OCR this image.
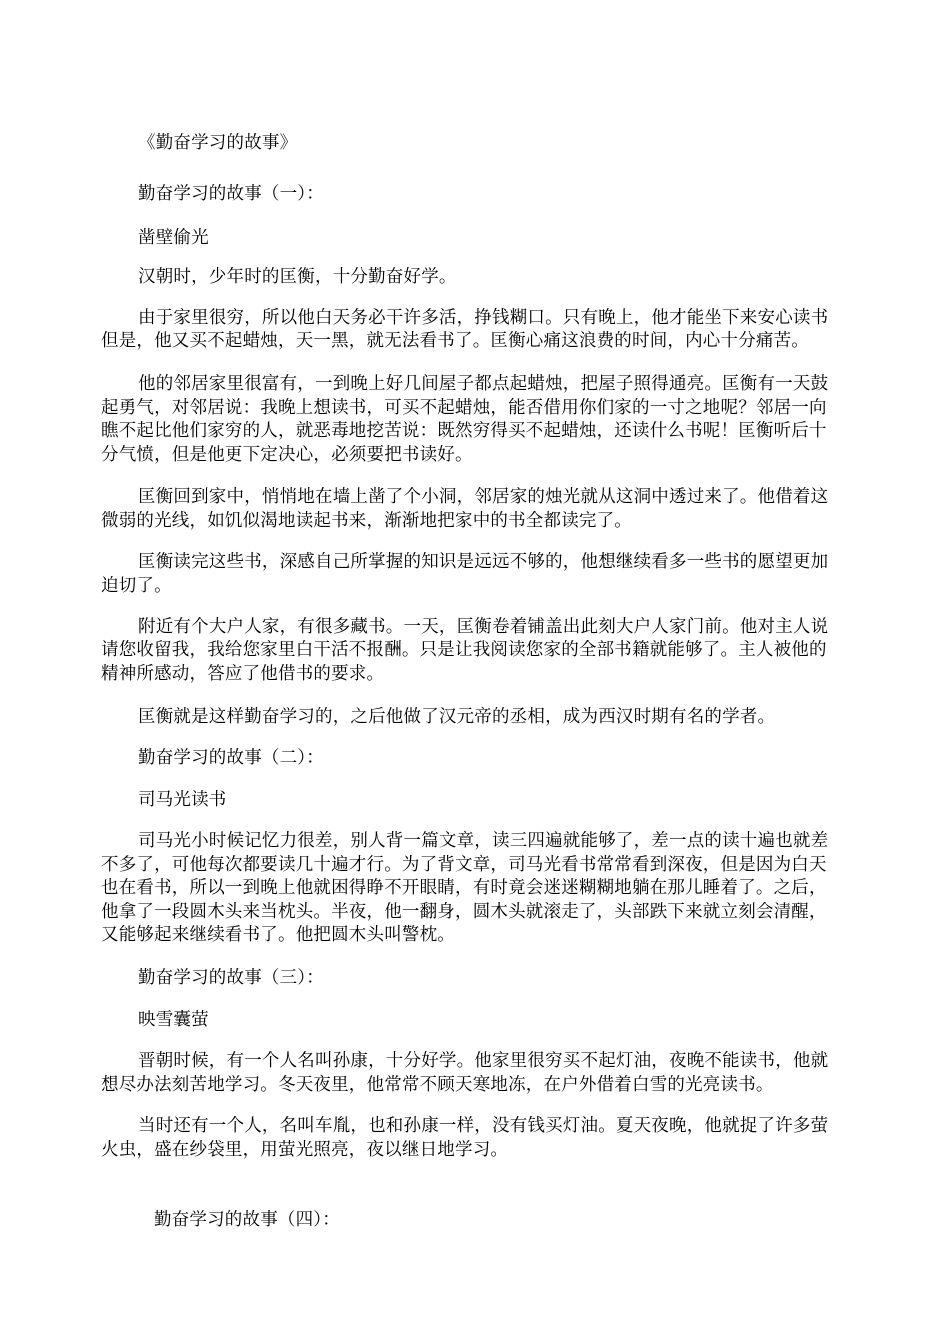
《勤奋学习的故事》
勤奋学习的故事（一）：
凿壁偷光
汉朝时，少年时的匡衡，十分勤奋好学。
由于家里很穷，所以他白天务必干许多活，挣钱糊口。只有晚上，他才能坐下来安心读书
但是，他又买不起蜡烛，天一黑，就无法看书了。匡衡心痛这浪费的时间，内心十分痛苦。
他的邻居家里很富有，一到晚上好几间屋子都点起蜡烛，把屋子照得通亮。匡衡有一天鼓
起勇气，对邻居说：我晚上想读书，可买不起蜡烛，能否借用你们家的一寸之地呢？邻居一向
瞧不起比他们家穷的人，就恶毒地挖苦说：既然穷得买不起蜡烛，还读什么书呢！匡衡听后十
分气愤，但是他更下定决心，必须要把书读好。
匡衡回到家中，悄悄地在墙上凿了个小洞，邻居家的烛光就从这洞中透过来了。他借着这
微弱的光线，如饥似渴地读起书来，渐渐地把家中的书全都读完了。
匡衡读完这些书，深感自己所掌握的知识是远远不够的，他想继续看多一些书的愿望更加
迫切了。
附近有个大户人家，有很多藏书。一天，匡衡卷着铺盖出此刻大户人家门前。他对主人说
请您收留我，我给您家里白干活不报酬。只是让我阅读您家的全部书籍就能够了。主人被他的
精神所感动，答应了他借书的要求。
匡衡就是这样勤奋学习的，之后他做了汉元帝的丞相，成为西汉时期有名的学者。
勤奋学习的故事（二）：
司马光读书
司马光小时候记忆力很差，别人背一篇文章，读三四遍就能够了，差一点的读十遍也就差
不多了，可他每次都要读几十遍才行。为了背文章，司马光看书常常看到深夜，但是因为白天
也在看书，所以一到晚上他就困得睁不开眼睛，有时竟会迷迷糊糊地躺在那儿睡着了。之后，
他拿了一段圆木头来当枕头。半夜，他一翻身，圆木头就滚走了，头部跌下来就立刻会清醒，
又能够起来继续看书了。他把圆木头叫警枕。
勤奋学习的故事（三）：
映雪囊萤
晋朝时候，有一个人名叫孙康，十分好学。他家里很穷买不起灯油，夜晚不能读书，他就
想尽办法刻苦地学习。冬天夜里，他常常不顾天寒地冻，在户外借着白雪的光亮读书。
当时还有一个人，名叫车胤，也和孙康一样，没有钱买灯油。夏天夜晚，他就捉了许多萤
火虫，盛在纱袋里，用萤光照亮，夜以继日地学习。
勤奋学习的故事（四）：
